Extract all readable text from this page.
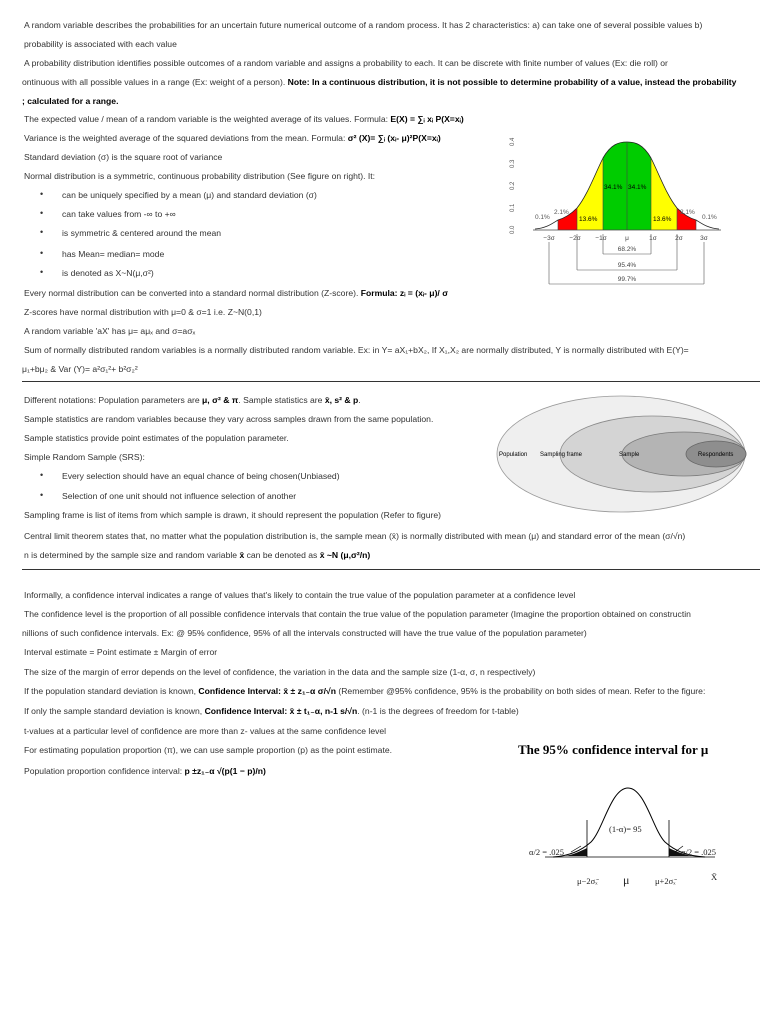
A random variable describes the probabilities for an uncertain future numerical outcome of a random process. It has 2 characteristics: a) can take one of several possible values b)
probability is associated with each value
A probability distribution identifies possible outcomes of a random variable and assigns a probability to each. It can be discrete with finite number of values (Ex: die roll) or
ontinuous with all possible values in a range (Ex: weight of a person). Note: In a continuous distribution, it is not possible to determine probability of a value, instead the probability
; calculated for a range.
The expected value / mean of a random variable is the weighted average of its values. Formula: E(X) = ∑ᵢ xᵢ P(X=xᵢ)
Variance is the weighted average of the squared deviations from the mean. Formula: σ² (X)= ∑ᵢ (xᵢ- μ)²P(X=xᵢ)
Standard deviation (σ) is the square root of variance
Normal distribution is a symmetric, continuous probability distribution (See figure on right). It:
• can be uniquely specified by a mean (μ) and standard deviation (σ)
• can take values from -∞ to +∞
• is symmetric & centered around the mean
• has Mean= median= mode
• is denoted as X~N(μ,σ²)
Every normal distribution can be converted into a standard normal distribution (Z-score). Formula: zᵢ = (xᵢ- μ)/ σ
Z-scores have normal distribution with μ=0 & σ=1 i.e. Z~N(0,1)
A random variable 'aX' has μ= aμₓ and σ=aσₓ
Sum of normally distributed random variables is a normally distributed random variable. Ex: in Y= aX₁+bX₂, If X₁,X₂ are normally distributed, Y is normally distributed with E(Y)=
μ₁+bμ₂ & Var (Y)= a²σ₁²+ b²σ₂²
0.0
0.1
0.2
0.3
0.4
34.1% 34.1%
13.6%	13.6%
2.1%	2.1%
0.1%	0.1%
−3σ −2σ −1σ	μ	1σ	2σ	3σ
68.2%
95.4%
99.7%
Different notations: Population parameters are μ, σ² & π. Sample statistics are x̄, s² & p.
Sample statistics are random variables because they vary across samples drawn from the same population.
Sample statistics provide point estimates of the population parameter.
Simple Random Sample (SRS):
• Every selection should have an equal chance of being chosen(Unbiased)
• Selection of one unit should not influence selection of another
Sampling frame is list of items from which sample is drawn, it should represent the population (Refer to figure)
Central limit theorem states that, no matter what the population distribution is, the sample mean (x̄) is normally distributed with mean (μ) and standard error of the mean (σ/√n)
n is determined by the sample size and random variable x̄ can be denoted as x̄ ~N (μ,σ²/n)
Population Sampling frame	Sample	Respondents
Informally, a confidence interval indicates a range of values that's likely to contain the true value of the population parameter at a confidence level
The confidence level is the proportion of all possible confidence intervals that contain the true value of the population parameter (Imagine the proportion obtained on constructin
nillions of such confidence intervals. Ex: @ 95% confidence, 95% of all the intervals constructed will have the true value of the population parameter)
Interval estimate = Point estimate ± Margin of error
The size of the margin of error depends on the level of confidence, the variation in the data and the sample size (1-α, σ, n respectively)
If the population standard deviation is known, Confidence Interval: x̄ ± z₁₋α σ/√n (Remember @95% confidence, 95% is the probability on both sides of mean. Refer to the figure:
If only the sample standard deviation is known, Confidence Interval: x̄ ± t₁₋α, n-1 s/√n. (n-1 is the degrees of freedom for t-table)
t-values at a particular level of confidence are more than z- values at the same confidence level
For estimating population proportion (π), we can use sample proportion (p) as the point estimate.
Population proportion confidence interval: p ±z₁₋α √(p(1 − p)/n)
The 95% confidence interval for μ
(1-α)= 95
α/2 = .025	α/2 = .025
μ−2σₓ̄	μ+2σₓ̄	X̄
μ
